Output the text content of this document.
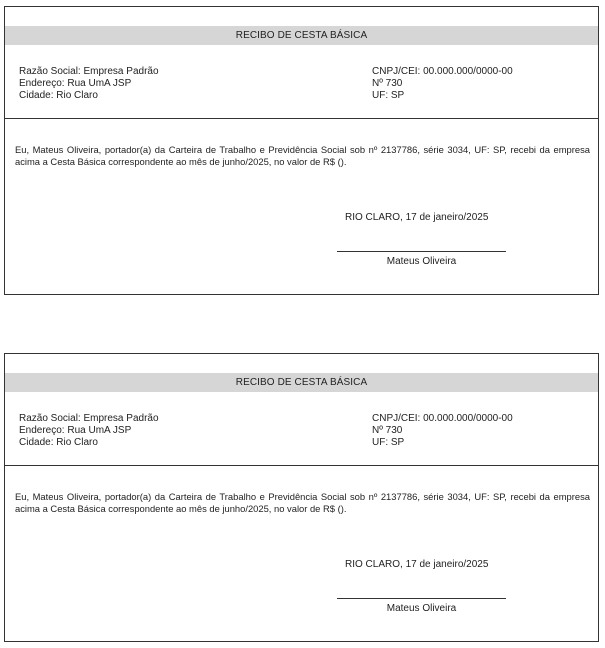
RECIBO DE CESTA BÁSICA
Razão Social: Empresa Padrão
Endereço: Rua UmA JSP
Cidade: Rio Claro
CNPJ/CEI: 00.000.000/0000-00
Nº 730
UF: SP
Eu, Mateus Oliveira, portador(a) da Carteira de Trabalho e Previdência Social sob nº 2137786, série 3034, UF: SP, recebi da empresa acima a Cesta Básica correspondente ao mês de junho/2025, no valor de R$ ().
RIO CLARO, 17 de janeiro/2025
Mateus Oliveira
RECIBO DE CESTA BÁSICA
Razão Social: Empresa Padrão
Endereço: Rua UmA JSP
Cidade: Rio Claro
CNPJ/CEI: 00.000.000/0000-00
Nº 730
UF: SP
Eu, Mateus Oliveira, portador(a) da Carteira de Trabalho e Previdência Social sob nº 2137786, série 3034, UF: SP, recebi da empresa acima a Cesta Básica correspondente ao mês de junho/2025, no valor de R$ ().
RIO CLARO, 17 de janeiro/2025
Mateus Oliveira
